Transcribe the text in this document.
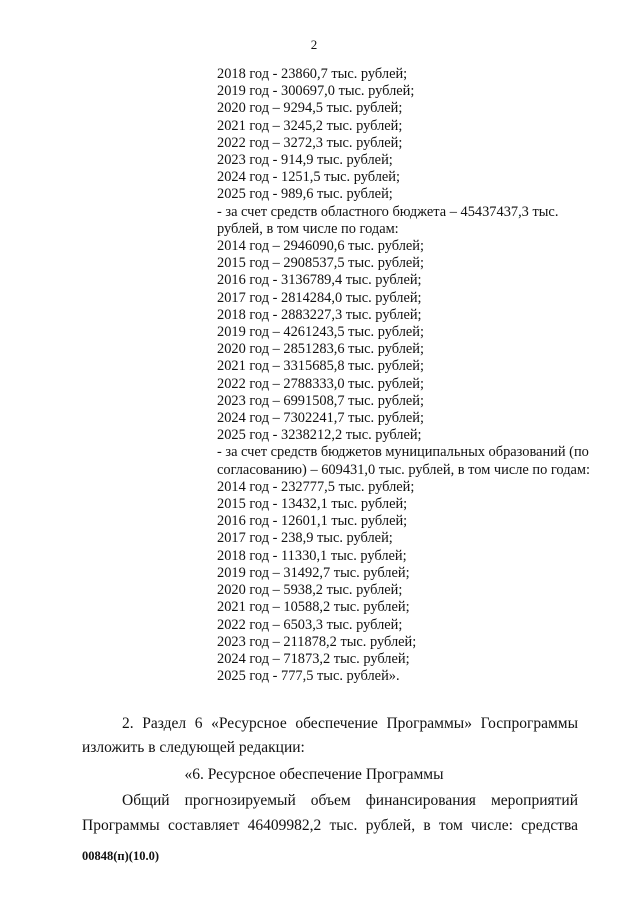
2
2018 год - 23860,7 тыс. рублей;
2019 год - 300697,0 тыс. рублей;
2020 год – 9294,5 тыс. рублей;
2021 год – 3245,2 тыс. рублей;
2022 год – 3272,3 тыс. рублей;
2023 год - 914,9 тыс. рублей;
2024 год - 1251,5 тыс. рублей;
2025 год - 989,6 тыс. рублей;
- за счет средств областного бюджета – 45437437,3 тыс. рублей, в том числе по годам:
2014 год – 2946090,6 тыс. рублей;
2015 год – 2908537,5 тыс. рублей;
2016 год - 3136789,4 тыс. рублей;
2017 год - 2814284,0 тыс. рублей;
2018 год - 2883227,3 тыс. рублей;
2019 год – 4261243,5 тыс. рублей;
2020 год – 2851283,6 тыс. рублей;
2021 год – 3315685,8 тыс. рублей;
2022 год – 2788333,0 тыс. рублей;
2023 год – 6991508,7 тыс. рублей;
2024 год – 7302241,7 тыс. рублей;
2025 год - 3238212,2 тыс. рублей;
- за счет средств бюджетов муниципальных образований (по согласованию) – 609431,0 тыс. рублей, в том числе по годам:
2014 год - 232777,5 тыс. рублей;
2015 год - 13432,1 тыс. рублей;
2016 год - 12601,1 тыс. рублей;
2017 год - 238,9 тыс. рублей;
2018 год - 11330,1 тыс. рублей;
2019 год – 31492,7 тыс. рублей;
2020 год – 5938,2 тыс. рублей;
2021 год – 10588,2 тыс. рублей;
2022 год – 6503,3 тыс. рублей;
2023 год – 211878,2 тыс. рублей;
2024 год – 71873,2 тыс. рублей;
2025 год - 777,5 тыс. рублей».
2. Раздел 6 «Ресурсное обеспечение Программы» Госпрограммы
изложить в следующей редакции:
«6. Ресурсное обеспечение Программы
Общий прогнозируемый объем финансирования мероприятий
Программы составляет 46409982,2 тыс. рублей, в том числе: средства
00848(п)(10.0)
